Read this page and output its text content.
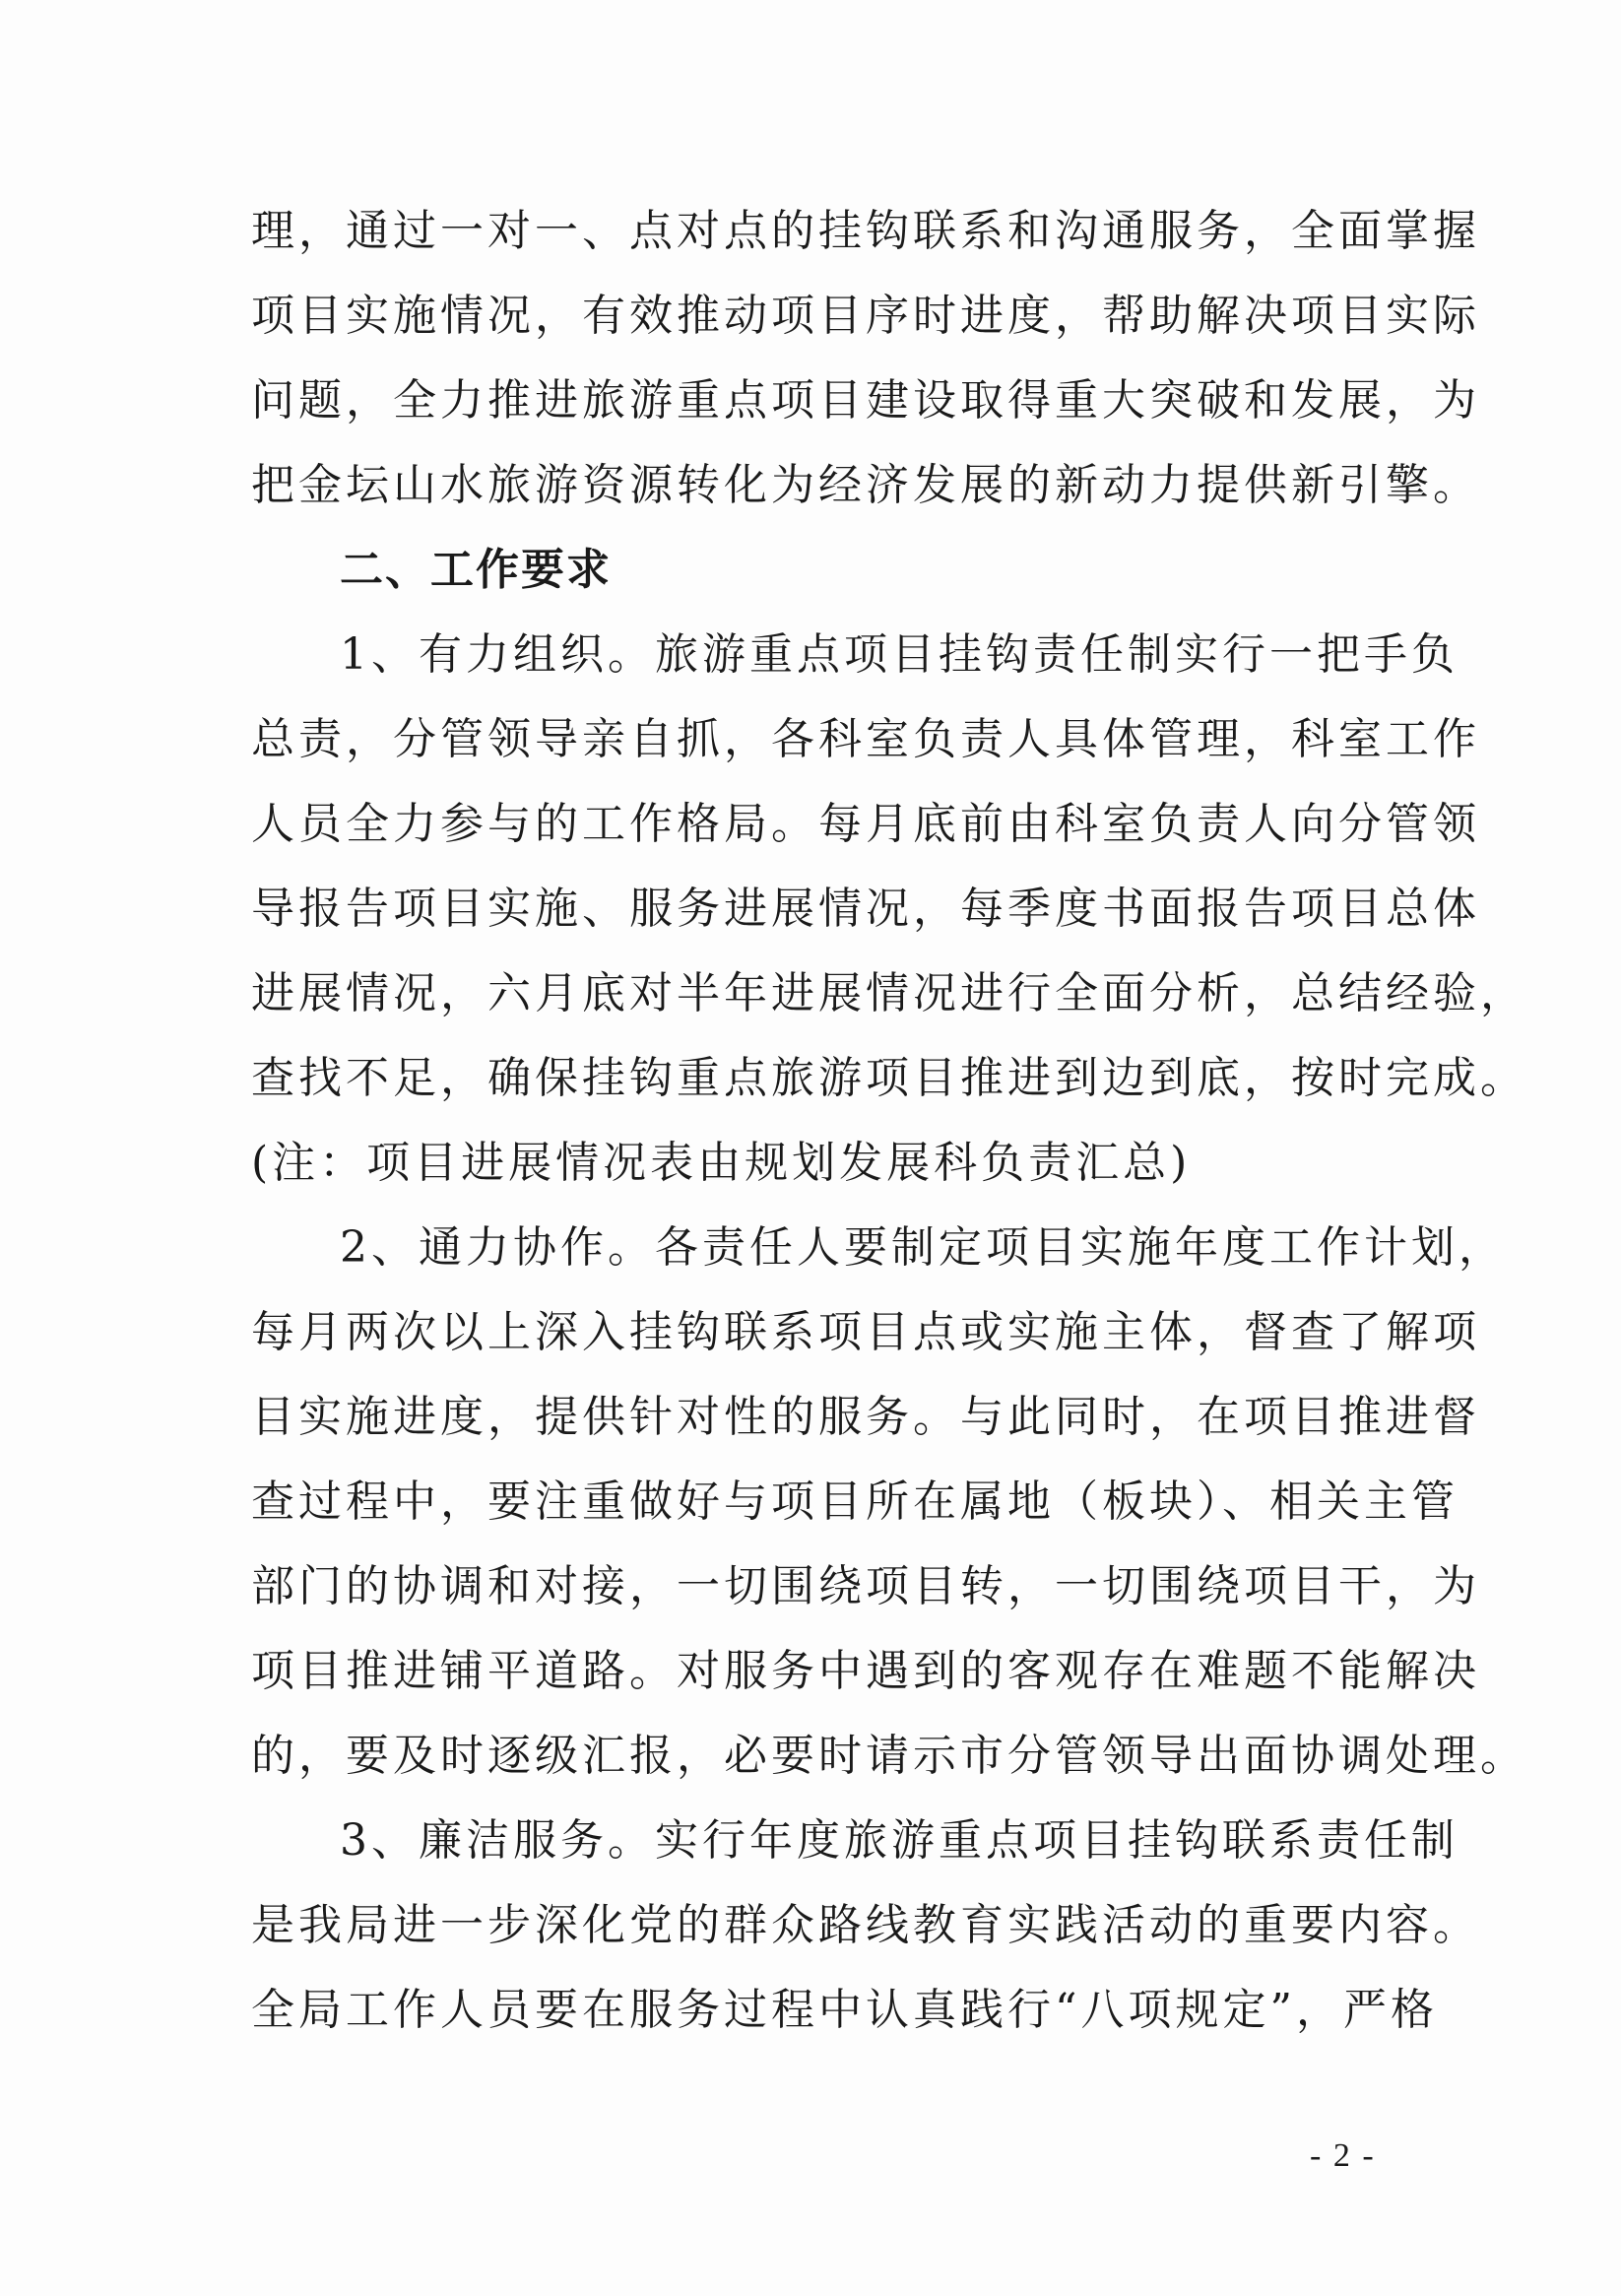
理，通过一对一、点对点的挂钩联系和沟通服务，全面掌握
项目实施情况，有效推动项目序时进度，帮助解决项目实际
问题，全力推进旅游重点项目建设取得重大突破和发展，为
把金坛山水旅游资源转化为经济发展的新动力提供新引擎。
二、工作要求
1、有力组织。旅游重点项目挂钩责任制实行一把手负
总责，分管领导亲自抓，各科室负责人具体管理，科室工作
人员全力参与的工作格局。每月底前由科室负责人向分管领
导报告项目实施、服务进展情况，每季度书面报告项目总体
进展情况，六月底对半年进展情况进行全面分析，总结经验，
查找不足，确保挂钩重点旅游项目推进到边到底，按时完成。
(注：项目进展情况表由规划发展科负责汇总)
2、通力协作。各责任人要制定项目实施年度工作计划，
每月两次以上深入挂钩联系项目点或实施主体，督查了解项
目实施进度，提供针对性的服务。与此同时，在项目推进督
查过程中，要注重做好与项目所在属地（板块）、相关主管
部门的协调和对接，一切围绕项目转，一切围绕项目干，为
项目推进铺平道路。对服务中遇到的客观存在难题不能解决
的，要及时逐级汇报，必要时请示市分管领导出面协调处理。
3、廉洁服务。实行年度旅游重点项目挂钩联系责任制
是我局进一步深化党的群众路线教育实践活动的重要内容。
全局工作人员要在服务过程中认真践行“八项规定”，严格
- 2 -
